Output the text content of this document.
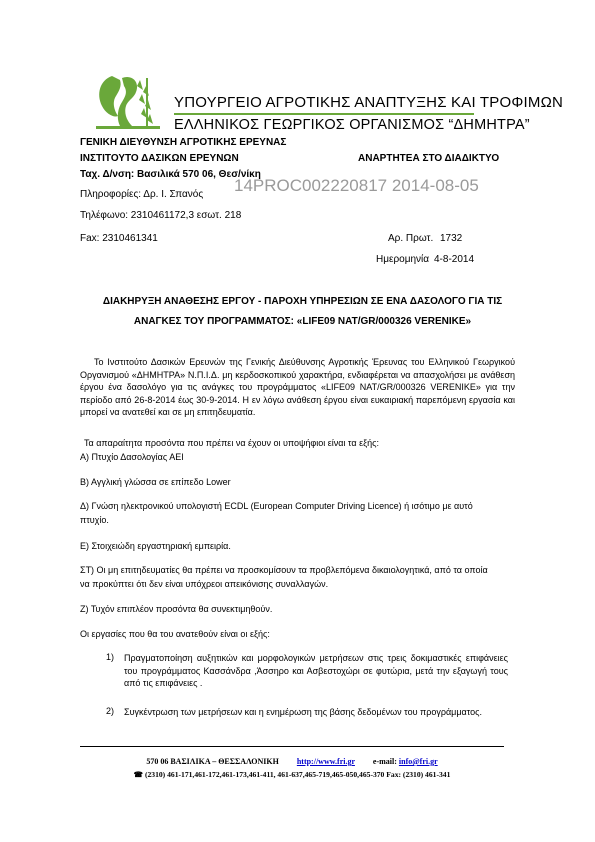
ΥΠΟΥΡΓΕΙΟ ΑΓΡΟΤΙΚΗΣ ΑΝΑΠΤΥΞΗΣ ΚΑΙ ΤΡΟΦΙΜΩΝ
ΕΛΛΗΝΙΚΟΣ ΓΕΩΡΓΙΚΟΣ ΟΡΓΑΝΙΣΜΟΣ “ΔΗΜΗΤΡΑ”
ΓΕΝΙΚΗ ΔΙΕΥΘΥΝΣΗ ΑΓΡΟΤΙΚΗΣ ΕΡΕΥΝΑΣ
ΙΝΣΤΙΤΟΥΤΟ ΔΑΣΙΚΩΝ ΕΡΕΥΝΩΝ	ΑΝΑΡΤΗΤΕΑ ΣΤΟ ΔΙΑΔΙΚΤΥΟ
Ταχ. Δ/νση: Βασιλικά 570 06, Θεσ/νίκη
14PROC002220817 2014-08-05
Πληροφορίες: Δρ. Ι. Σπανός
Τηλέφωνο: 2310461172,3 εσωτ. 218
Fax: 2310461341	Αρ. Πρωτ. 1732
Ημερομηνία 4-8-2014
ΔΙΑΚΗΡΥΞΗ ΑΝΑΘΕΣΗΣ ΕΡΓΟΥ - ΠΑΡΟΧΗ ΥΠΗΡΕΣΙΩΝ ΣΕ ΕΝΑ ΔΑΣΟΛΟΓΟ ΓΙΑ ΤΙΣ
ΑΝΑΓΚΕΣ ΤΟΥ ΠΡΟΓΡΑΜΜΑΤΟΣ: «LIFE09 NAT/GR/000326 VERENIKE»
Το Ινστιτούτο Δασικών Ερευνών της Γενικής Διεύθυνσης Αγροτικής Έρευνας του Ελληνικού Γεωργικού Οργανισμού «ΔΗΜΗΤΡΑ» Ν.Π.Ι.Δ. μη κερδοσκοπικού χαρακτήρα, ενδιαφέρεται να απασχολήσει με ανάθεση έργου ένα δασολόγο για τις ανάγκες του προγράμματος «LIFE09 NAT/GR/000326 VERENIKE» για την περίοδο από 26-8-2014 έως 30-9-2014. Η εν λόγω ανάθεση έργου είναι ευκαιριακή παρεπόμενη εργασία και μπορεί να ανατεθεί και σε μη επιτηδευματία.
Τα απαραίτητα προσόντα που πρέπει να έχουν οι υποψήφιοι είναι τα εξής:
Α) Πτυχίο Δασολογίας ΑΕΙ
Β) Αγγλική γλώσσα σε επίπεδο Lower
Δ) Γνώση ηλεκτρονικού υπολογιστή ECDL (European Computer Driving Licence) ή ισότιμο με αυτό
πτυχίο.
Ε) Στοιχειώδη εργαστηριακή εμπειρία.
ΣΤ) Οι μη επιτηδευματίες θα πρέπει να προσκομίσουν τα προβλεπόμενα δικαιολογητικά, από τα οποία
να προκύπτει ότι δεν είναι υπόχρεοι απεικόνισης συναλλαγών.
Ζ) Τυχόν επιπλέον προσόντα θα συνεκτιμηθούν.
Οι εργασίες που θα του ανατεθούν είναι οι εξής:
1) Πραγματοποίηση αυξητικών και μορφολογικών μετρήσεων στις τρεις δοκιμαστικές επιφάνειες του προγράμματος Κασσάνδρα ,Άσσηρο και Ασβεστοχώρι σε φυτώρια, μετά την εξαγωγή τους από τις επιφάνειες .
2) Συγκέντρωση των μετρήσεων και η ενημέρωση της βάσης δεδομένων του προγράμματος.
570 06 ΒΑΣΙΛΙΚΑ – ΘΕΣΣΑΛΟΝΙΚΗ http://www.fri.gr e-mail: info@fri.gr
☎ (2310) 461-171,461-172,461-173,461-411, 461-637,465-719,465-050,465-370 Fax: (2310) 461-341
